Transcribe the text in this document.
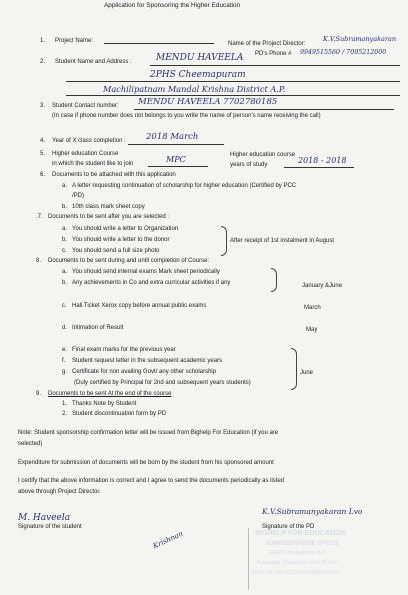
Application for Sponsoring the Higher Education
1. Project Name:	Name of the Project Director:
K.V.Subramanyakaran
PD's Phone # 9949515560 / 7095212000
2. Student Name and Address :	MENDU HAVEELA
2PHS Cheemapuram
Machilipatnam Mandal Krishna District A.P.
3. Student Contact number: MENDU HAVEELA 7702780185
(In case if phone number does not belongs to you write the name of person's name receiving the call)
4. Year of X class completion : 2018 March
5. Higher education Course
in which the student like to join	MPC	Higher education course
years of study	2018 - 2018
6. Documents to be attached with this application
a. A letter requesting continuation of scholarship for higher education (Certified by PCC
/PD)
b. 10th class mark sheet copy
.7. Documents to be sent after you are selected :
a. You should write a letter to Organization
b. You should write a letter to the donor
c. You should send a full size photo
After receipt of 1st instalment in August
8. Documents to be sent during and until completion of Course:
a. You should send internal exams Mark sheet periodically
b. Any achievements in Co and extra curricular activities if any	January &June
c. Hall Ticket Xerox copy before annual public exams	March
d. Intimation of Result	May
e. Final exam marks for the previous year
f. Student request letter in the subsequent academic years
g. Certificate for non availing Govt/ any other scholarship
(Duly certified by Principal for 2nd and subsequent years students)
June
9. Documents to be sent At the end of the course
1. Thanks Note by Student
2. Student discontinuation form by PD
Note: Student sponsorship confirmation letter will be issued from Bighelp For Education (if you are
selected)
Expenditure for submission of documents will be born by the student from his sponsored amount
I certify that the above information is correct and I agree to send the documents periodically as listed
above through Project Director.
M. Haveela
Signature of the student
K.V.Subramanyakaran Lvo
Signature of the PD
Krishnan	BIGHELP FOR EDUCATION
ADMINISTRATIVE OFFICE
GHMC (Kukatpally) A.P.
Balanagar, Kukatpally, Hyd-72, A.P.
Office Ph. 040-23122354/9849778765
